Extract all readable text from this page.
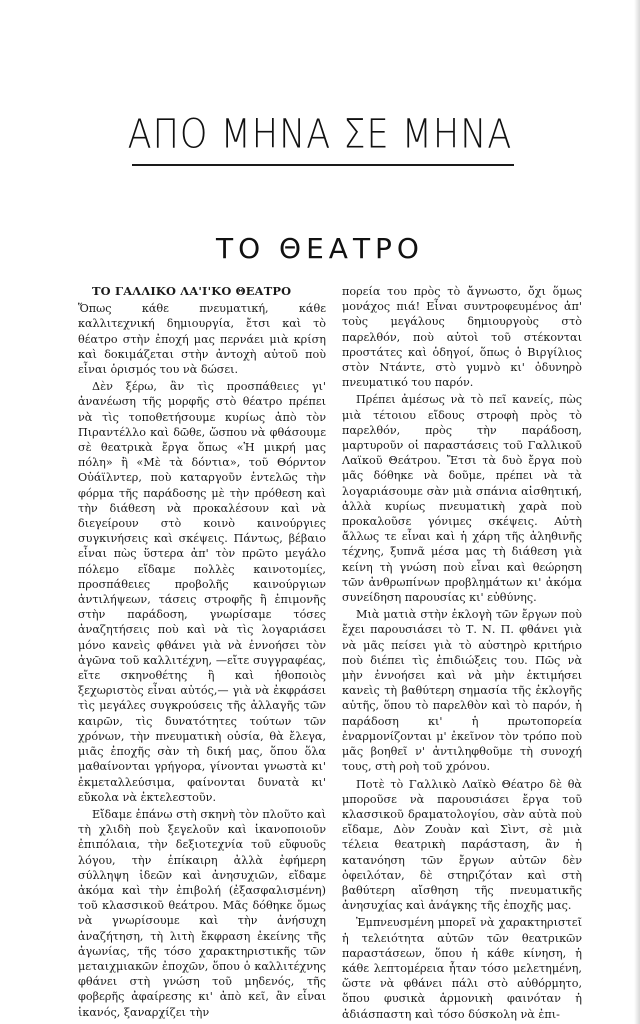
ΑΠΟ ΜΗΝΑ ΣΕ ΜΗΝΑ
ΤΟ ΘΕΑΤΡΟ

ΤΟ ΓΑΛΛΙΚΟ ΛΑ'Ι'ΚΟ ΘΕΑΤΡΟ

Ὅπως κάθε πνευματική, κάθε καλλιτεχνική δημιουργία, ἔτσι καὶ τὸ θέατρο στὴν ἐποχή μας περνάει μιὰ κρίση καὶ δοκιμάζεται στὴν ἀντοχὴ αὐτοῦ ποὺ εἶναι ὁρισμός του νὰ δώσει.

Δὲν ξέρω, ἂν τὶς προσπάθειες γι' ἀνανέωση τῆς μορφῆς στὸ θέατρο πρέπει νὰ τὶς τοποθετήσουμε κυρίως ἀπὸ τὸν Πιραντέλλο καὶ δῶθε, ὥσπου νὰ φθάσουμε σὲ θεατρικὰ ἔργα ὅπως «Ἡ μικρή μας πόλη» ἢ «Μὲ τὰ δόντια», τοῦ Θόρντον Οὐάϊλντερ, ποὺ καταργοῦν ἐντελῶς τὴν φόρμα τῆς παράδοσης μὲ τὴν πρόθεση καὶ τὴν διάθεση νὰ προκαλέσουν καὶ νὰ διεγείρουν στὸ κοινὸ καινούργιες συγκινήσεις καὶ σκέψεις. Πάντως, βέβαιο εἶναι πὼς ὕστερα ἀπ' τὸν πρῶτο μεγάλο πόλεμο εἴδαμε πολλὲς καινοτομίες, προσπάθειες προβολῆς καινούργιων ἀντιλήψεων, τάσεις στροφῆς ἢ ἐπιμονῆς στὴν παράδοση, γνωρίσαμε τόσες ἀναζητήσεις ποὺ καὶ νὰ τὶς λογαριάσει μόνο κανεὶς φθάνει γιὰ νὰ ἐννοήσει τὸν ἀγῶνα τοῦ καλλιτέχνη, —εἴτε συγγραφέας, εἴτε σκηνοθέτης ἢ καὶ ἠθοποιὸς ξεχωριστὸς εἶναι αὐτός,— γιὰ νὰ ἐκφράσει τὶς μεγάλες συγκρούσεις τῆς ἀλλαγῆς τῶν καιρῶν, τὶς δυνατότητες τούτων τῶν χρόνων, τὴν πνευματικὴ οὐσία, θὰ ἔλεγα, μιᾶς ἐποχῆς σὰν τὴ δική μας, ὅπου ὅλα μαθαίνονται γρήγορα, γίνονται γνωστὰ κι' ἐκμεταλλεύσιμα, φαίνονται δυνατὰ κι' εὔκολα νὰ ἐκτελεστοῦν.

Εἴδαμε ἐπάνω στὴ σκηνὴ τὸν πλοῦτο καὶ τὴ χλιδὴ ποὺ ξεγελοῦν καὶ ἱκανοποιοῦν ἐπιπόλαια, τὴν δεξιοτεχνία τοῦ εὔφυοῦς λόγου, τὴν ἐπίκαιρη ἀλλὰ ἐφήμερη σύλληψη ἰδεῶν καὶ ἀνησυχιῶν, εἴδαμε ἀκόμα καὶ τὴν ἐπιβολή (ἐξασφαλισμένη) τοῦ κλασσικοῦ θεάτρου. Μᾶς δόθηκε ὅμως νὰ γνωρίσουμε καὶ τὴν ἀνήσυχη ἀναζήτηση, τὴ λιτὴ ἔκφραση ἐκείνης τῆς ἀγωνίας, τῆς τόσο χαρακτηριστικῆς τῶν μεταιχμιακῶν ἐποχῶν, ὅπου ὁ καλλιτέχνης φθάνει στὴ γνώση τοῦ μηδενός, τῆς φοβερῆς ἀφαίρεσης κι' ἀπὸ κεῖ, ἂν εἶναι ἱκανός, ξαναρχίζει τὴν

πορεία του πρὸς τὸ ἄγνωστο, ὄχι ὅμως μονάχος πιά! Εἶναι συντροφευμένος ἀπ' τοὺς μεγάλους δημιουργοὺς στὸ παρελθόν, ποὺ αὐτοὶ τοῦ στέκονται προστάτες καὶ ὁδηγοί, ὅπως ὁ Βιργίλιος στὸν Ντάντε, στὸ γυμνὸ κι' ὀδυνηρὸ πνευματικό του παρόν.

Πρέπει ἀμέσως νὰ τὸ πεῖ κανείς, πὼς μιὰ τέτοιου εἴδους στροφὴ πρὸς τὸ παρελθόν, πρὸς τὴν παράδοση, μαρτυροῦν οἱ παραστάσεις τοῦ Γαλλικοῦ Λαϊκοῦ Θεάτρου. Ἔτσι τὰ δυὸ ἔργα ποὺ μᾶς δόθηκε νὰ δοῦμε, πρέπει νὰ τὰ λογαριάσουμε σὰν μιὰ σπάνια αἰσθητική, ἀλλὰ κυρίως πνευματικὴ χαρὰ ποὺ προκαλοῦσε γόνιμες σκέψεις. Αὐτὴ ἄλλως τε εἶναι καὶ ἡ χάρη τῆς ἀληθινῆς τέχνης, ξυπνᾶ μέσα μας τὴ διάθεση γιὰ κείνη τὴ γνώση ποὺ εἶναι καὶ θεώρηση τῶν ἀνθρωπίνων προβλημάτων κι' ἀκόμα συνείδηση παρουσίας κι' εὐθύνης.

Μιὰ ματιὰ στὴν ἐκλογὴ τῶν ἔργων ποὺ ἔχει παρουσιάσει τὸ Τ. Ν. Π. φθάνει γιὰ νὰ μᾶς πείσει γιὰ τὸ αὐστηρὸ κριτήριο ποὺ διέπει τὶς ἐπιδιώξεις του. Πῶς νὰ μὴν ἐννοήσει καὶ νὰ μὴν ἐκτιμήσει κανεὶς τὴ βαθύτερη σημασία τῆς ἐκλογῆς αὐτῆς, ὅπου τὸ παρελθὸν καὶ τὸ παρόν, ἡ παράδοση κι' ἡ πρωτοπορεία ἐναρμονίζονται μ' ἐκεῖνον τὸν τρόπο ποὺ μᾶς βοηθεῖ ν' ἀντιληφθοῦμε τὴ συνοχή τους, στὴ ροὴ τοῦ χρόνου.

Ποτὲ τὸ Γαλλικὸ Λαϊκὸ Θέατρο δὲ θὰ μποροῦσε νὰ παρουσιάσει ἔργα τοῦ κλασσικοῦ δραματολογίου, σὰν αὐτὰ ποὺ εἴδαμε, Δὸν Ζουὰν καὶ Σὶντ, σὲ μιὰ τέλεια θεατρικὴ παράσταση, ἂν ἡ κατανόηση τῶν ἔργων αὐτῶν δὲν ὀφειλόταν, δὲ στηριζόταν καὶ στὴ βαθύτερη αἴσθηση τῆς πνευματικῆς ἀνησυχίας καὶ ἀνάγκης τῆς ἐποχῆς μας.

Ἐμπνευσμένη μπορεῖ νὰ χαρακτηριστεῖ ἡ τελειότητα αὐτῶν τῶν θεατρικῶν παραστάσεων, ὅπου ἡ κάθε κίνηση, ἡ κάθε λεπτομέρεια ἦταν τόσο μελετημένη, ὥστε νὰ φθάνει πάλι στὸ αὐθόρμητο, ὅπου φυσικὰ ἁρμονικὴ φαινόταν ἡ ἀδιάσπαστη καὶ τόσο δύσκολη νὰ ἐπι-
